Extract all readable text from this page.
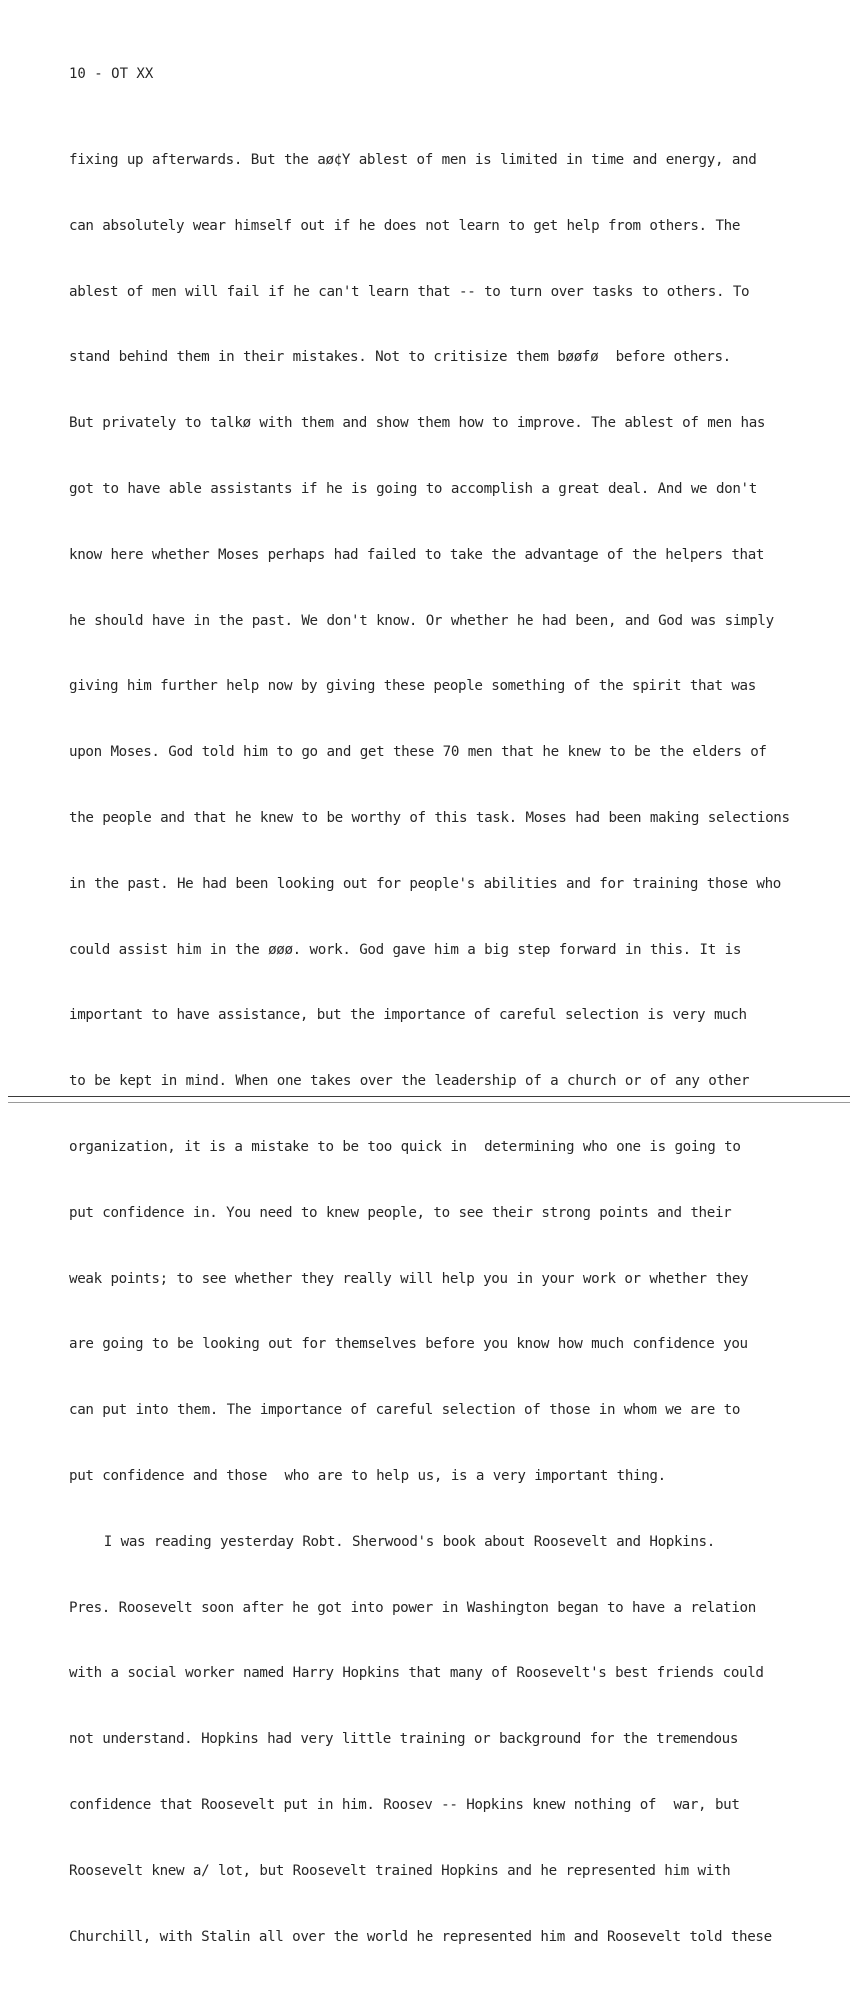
10 - OT XX

fixing up afterwards. But the aø¢Y ablest of men is limited in time and energy, and

can absolutely wear himself out if he does not learn to get help from others. The

ablest of men will fail if he can't learn that -- to turn over tasks to others. To

stand behind them in their mistakes. Not to critisize them bøøfø  before others.

But privately to talkø with them and show them how to improve. The ablest of men has

got to have able assistants if he is going to accomplish a great deal. And we don't

know here whether Moses perhaps had failed to take the advantage of the helpers that

he should have in the past. We don't know. Or whether he had been, and God was simply

giving him further help now by giving these people something of the spirit that was

upon Moses. God told him to go and get these 70 men that he knew to be the elders of

the people and that he knew to be worthy of this task. Moses had been making selections

in the past. He had been looking out for people's abilities and for training those who

could assist him in the øøø. work. God gave him a big step forward in this. It is

important to have assistance, but the importance of careful selection is very much

to be kept in mind. When one takes over the leadership of a church or of any other

organization, it is a mistake to be too quick in  determining who one is going to

put confidence in. You need to knew people, to see their strong points and their

weak points; to see whether they really will help you in your work or whether they

are going to be looking out for themselves before you know how much confidence you

can put into them. The importance of careful selection of those in whom we are to

put confidence and those  who are to help us, is a very important thing.

I was reading yesterday Robt. Sherwood's book about Roosevelt and Hopkins.

Pres. Roosevelt soon after he got into power in Washington began to have a relation

with a social worker named Harry Hopkins that many of Roosevelt's best friends could

not understand. Hopkins had very little training or background for the tremendous

confidence that Roosevelt put in him. Roosev -- Hopkins knew nothing of  war, but

Roosevelt knew a/ lot, but Roosevelt trained Hopkins and he represented him with

Churchill, with Stalin all over the world he represented him and Roosevelt told these
